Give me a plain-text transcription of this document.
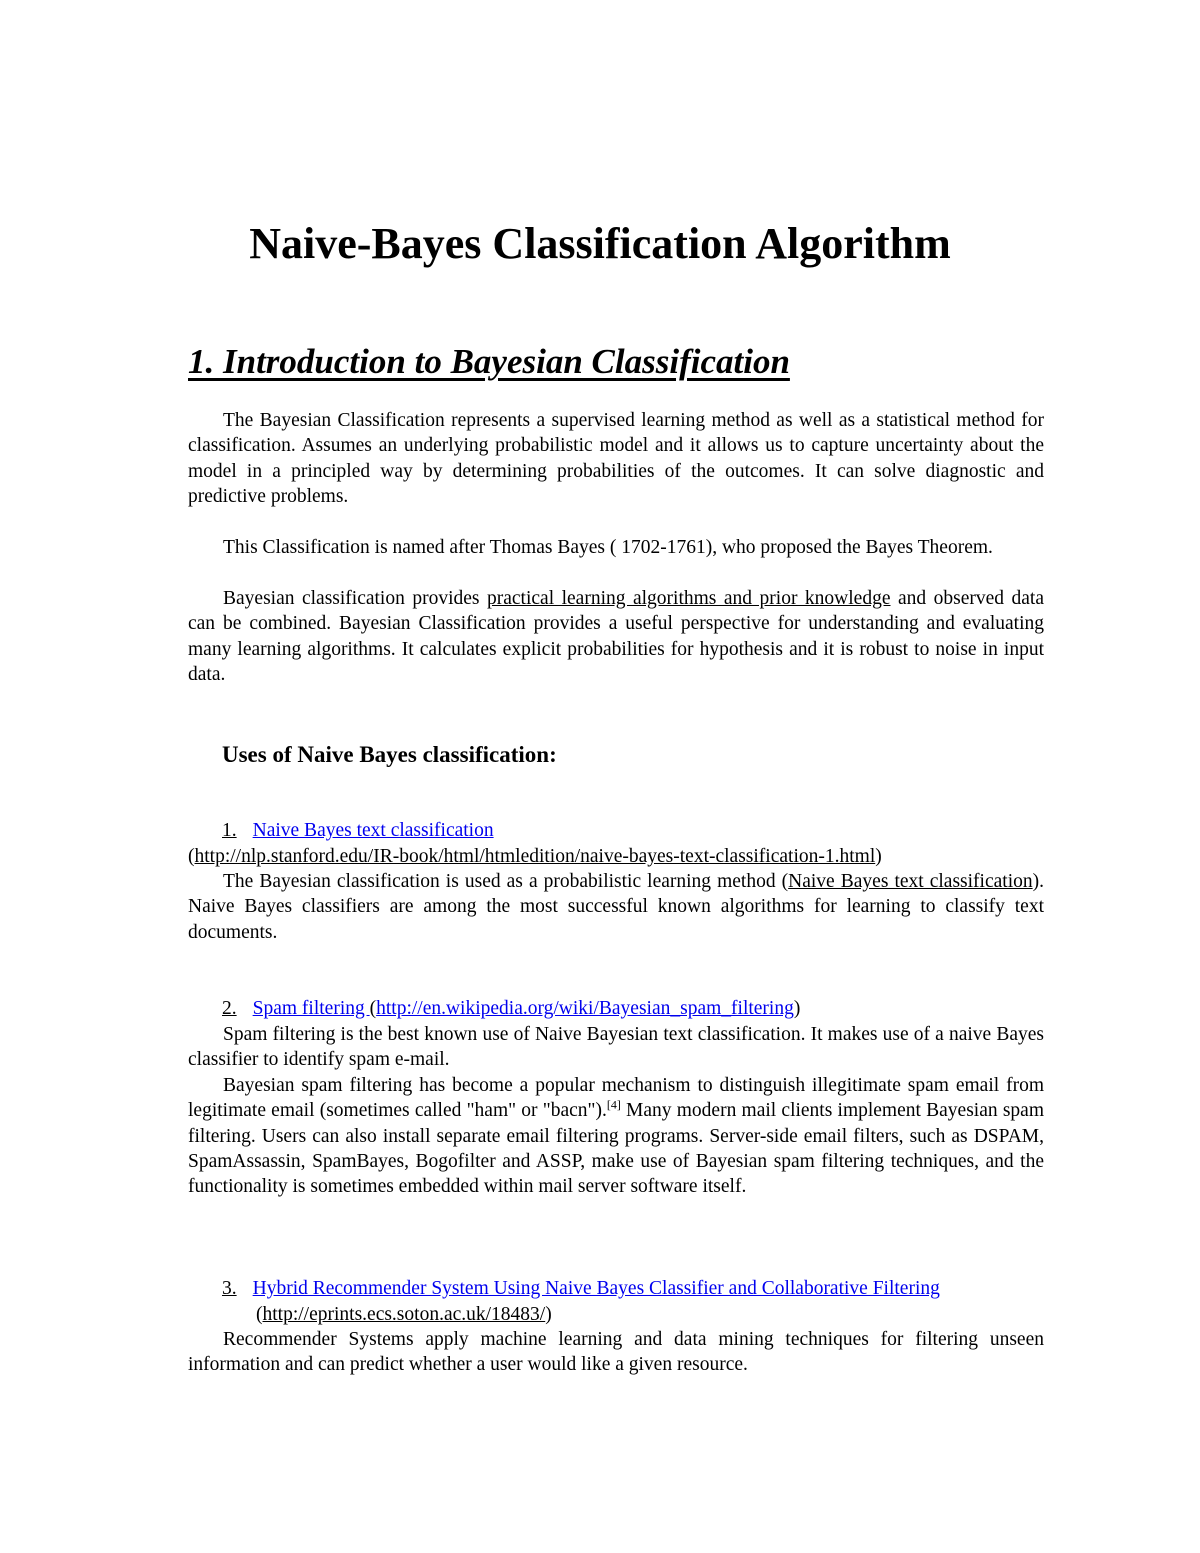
Naive-Bayes Classification Algorithm
1. Introduction to Bayesian Classification

The Bayesian Classification represents a supervised learning method as well as a statistical method for classification. Assumes an underlying probabilistic model and it allows us to capture uncertainty about the model in a principled way by determining probabilities of the outcomes. It can solve diagnostic and predictive problems.

This Classification is named after Thomas Bayes ( 1702-1761), who proposed the Bayes Theorem.

Bayesian classification provides practical learning algorithms and prior knowledge and observed data can be combined. Bayesian Classification provides a useful perspective for understanding and evaluating many learning algorithms. It calculates explicit probabilities for hypothesis and it is robust to noise in input data.

Uses of Naive Bayes classification:
1. Naive Bayes text classification
(http://nlp.stanford.edu/IR-book/html/htmledition/naive-bayes-text-classification-1.html)

The Bayesian classification is used as a probabilistic learning method (Naive Bayes text classification). Naive Bayes classifiers are among the most successful known algorithms for learning to classify text documents.

2. Spam filtering (http://en.wikipedia.org/wiki/Bayesian_spam_filtering)

Spam filtering is the best known use of Naive Bayesian text classification. It makes use of a naive Bayes classifier to identify spam e-mail.

Bayesian spam filtering has become a popular mechanism to distinguish illegitimate spam email from legitimate email (sometimes called "ham" or "bacn").[4] Many modern mail clients implement Bayesian spam filtering. Users can also install separate email filtering programs. Server-side email filters, such as DSPAM, SpamAssassin, SpamBayes, Bogofilter and ASSP, make use of Bayesian spam filtering techniques, and the functionality is sometimes embedded within mail server software itself.

3. Hybrid Recommender System Using Naive Bayes Classifier and Collaborative Filtering
(http://eprints.ecs.soton.ac.uk/18483/)

Recommender Systems apply machine learning and data mining techniques for filtering unseen information and can predict whether a user would like a given resource.
